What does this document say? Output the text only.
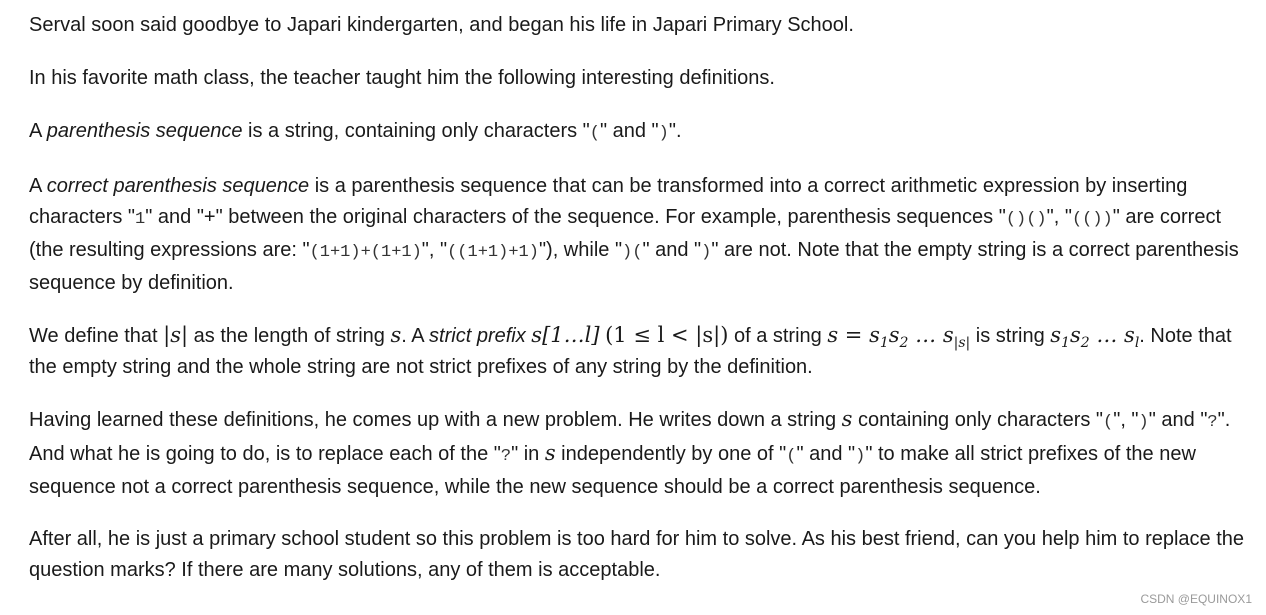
Serval soon said goodbye to Japari kindergarten, and began his life in Japari Primary School.

In his favorite math class, the teacher taught him the following interesting definitions.

A parenthesis sequence is a string, containing only characters "(" and ")".

A correct parenthesis sequence is a parenthesis sequence that can be transformed into a correct arithmetic expression by inserting characters "1" and "+" between the original characters of the sequence. For example, parenthesis sequences "()()", "(())" are correct (the resulting expressions are: "(1+1)+(1+1)", "((1+1)+1)"), while ")(" and ")" are not. Note that the empty string is a correct parenthesis sequence by definition.

We define that |s| as the length of string s. A strict prefix s[1…l] (1 ≤ l < |s|) of a string $s = s_1s_2$ … $s_{|s|}$ is string $s_1s_2$ … $s_l$. Note that the empty string and the whole string are not strict prefixes of any string by the definition.

Having learned these definitions, he comes up with a new problem. He writes down a string s containing only characters "(", ")" and "?". And what he is going to do, is to replace each of the "?" in s independently by one of "(" and ")" to make all strict prefixes of the new sequence not a correct parenthesis sequence, while the new sequence should be a correct parenthesis sequence.

After all, he is just a primary school student so this problem is too hard for him to solve. As his best friend, can you help him to replace the question marks? If there are many solutions, any of them is acceptable.

CSDN @EQUINOX1
